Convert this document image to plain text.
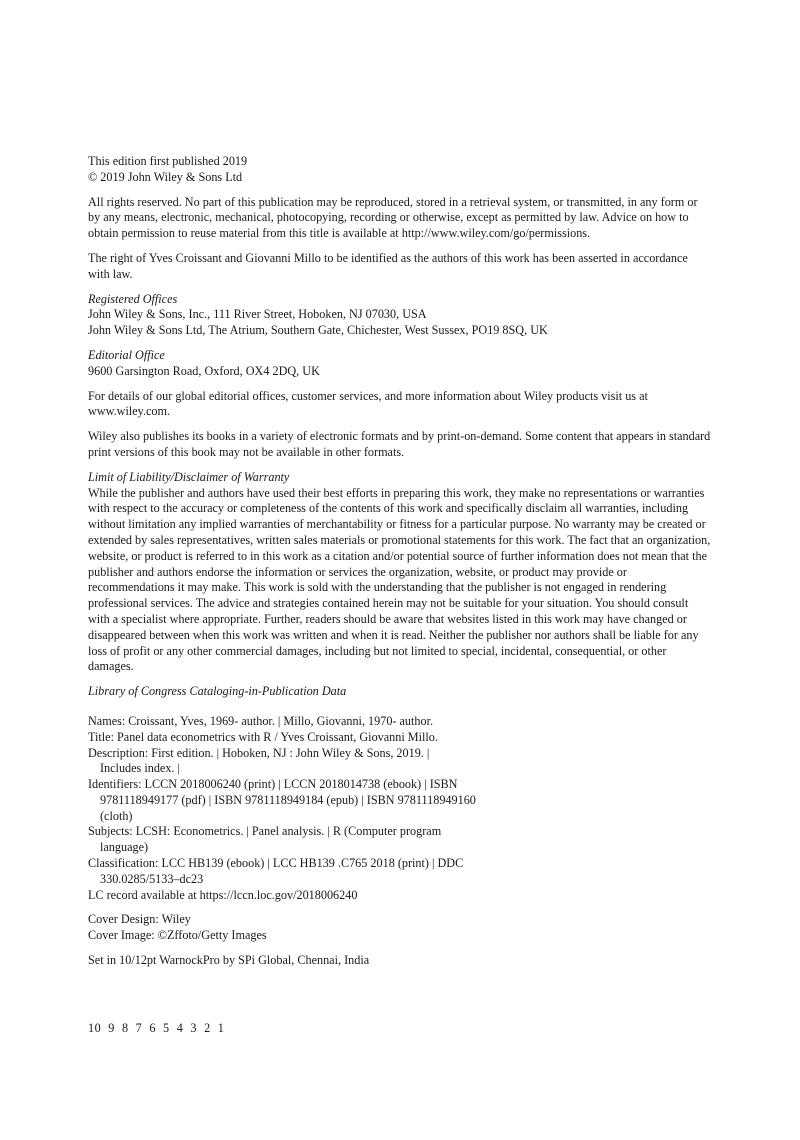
This edition first published 2019
© 2019 John Wiley & Sons Ltd
All rights reserved. No part of this publication may be reproduced, stored in a retrieval system, or transmitted, in any form or by any means, electronic, mechanical, photocopying, recording or otherwise, except as permitted by law. Advice on how to obtain permission to reuse material from this title is available at http://www.wiley.com/go/permissions.
The right of Yves Croissant and Giovanni Millo to be identified as the authors of this work has been asserted in accordance with law.
Registered Offices
John Wiley & Sons, Inc., 111 River Street, Hoboken, NJ 07030, USA
John Wiley & Sons Ltd, The Atrium, Southern Gate, Chichester, West Sussex, PO19 8SQ, UK
Editorial Office
9600 Garsington Road, Oxford, OX4 2DQ, UK
For details of our global editorial offices, customer services, and more information about Wiley products visit us at www.wiley.com.
Wiley also publishes its books in a variety of electronic formats and by print-on-demand. Some content that appears in standard print versions of this book may not be available in other formats.
Limit of Liability/Disclaimer of Warranty
While the publisher and authors have used their best efforts in preparing this work, they make no representations or warranties with respect to the accuracy or completeness of the contents of this work and specifically disclaim all warranties, including without limitation any implied warranties of merchantability or fitness for a particular purpose. No warranty may be created or extended by sales representatives, written sales materials or promotional statements for this work. The fact that an organization, website, or product is referred to in this work as a citation and/or potential source of further information does not mean that the publisher and authors endorse the information or services the organization, website, or product may provide or recommendations it may make. This work is sold with the understanding that the publisher is not engaged in rendering professional services. The advice and strategies contained herein may not be suitable for your situation. You should consult with a specialist where appropriate. Further, readers should be aware that websites listed in this work may have changed or disappeared between when this work was written and when it is read. Neither the publisher nor authors shall be liable for any loss of profit or any other commercial damages, including but not limited to special, incidental, consequential, or other damages.
Library of Congress Cataloging-in-Publication Data
Names: Croissant, Yves, 1969- author. | Millo, Giovanni, 1970- author.
Title: Panel data econometrics with R / Yves Croissant, Giovanni Millo.
Description: First edition. | Hoboken, NJ : John Wiley & Sons, 2019. |
Includes index. |
Identifiers: LCCN 2018006240 (print) | LCCN 2018014738 (ebook) | ISBN
9781118949177 (pdf) | ISBN 9781118949184 (epub) | ISBN 9781118949160
(cloth)
Subjects: LCSH: Econometrics. | Panel analysis. | R (Computer program
language)
Classification: LCC HB139 (ebook) | LCC HB139 .C765 2018 (print) | DDC
330.0285/5133–dc23
LC record available at https://lccn.loc.gov/2018006240
Cover Design: Wiley
Cover Image: ©Zffoto/Getty Images
Set in 10/12pt WarnockPro by SPi Global, Chennai, India
10  9  8  7  6  5  4  3  2  1
